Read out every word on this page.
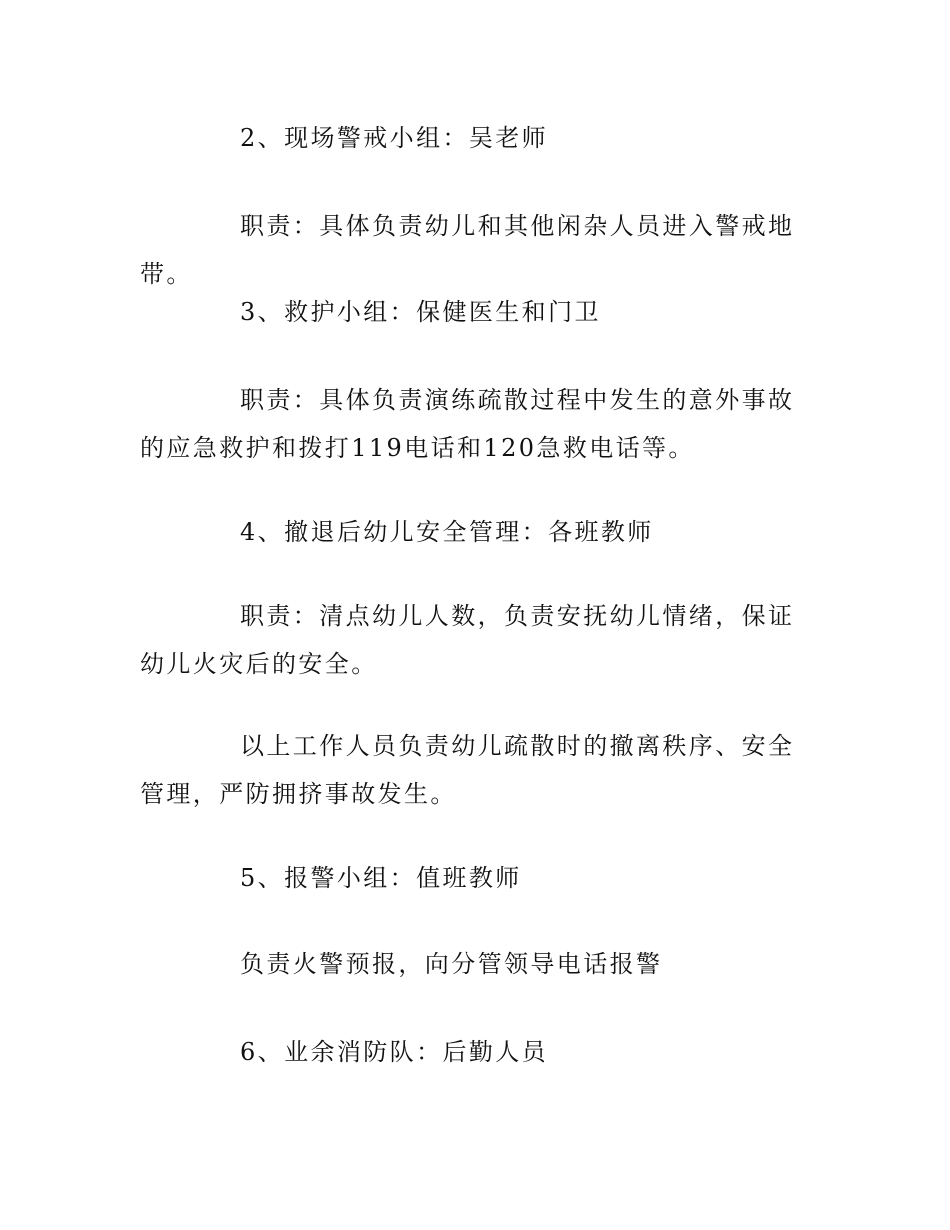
2、现场警戒小组：吴老师

职责：具体负责幼儿和其他闲杂人员进入警戒地带。

3、救护小组：保健医生和门卫

职责：具体负责演练疏散过程中发生的意外事故的应急救护和拨打119电话和120急救电话等。

4、撤退后幼儿安全管理：各班教师

职责：清点幼儿人数，负责安抚幼儿情绪，保证幼儿火灾后的安全。

以上工作人员负责幼儿疏散时的撤离秩序、安全管理，严防拥挤事故发生。

5、报警小组：值班教师

负责火警预报，向分管领导电话报警

6、业余消防队：后勤人员
